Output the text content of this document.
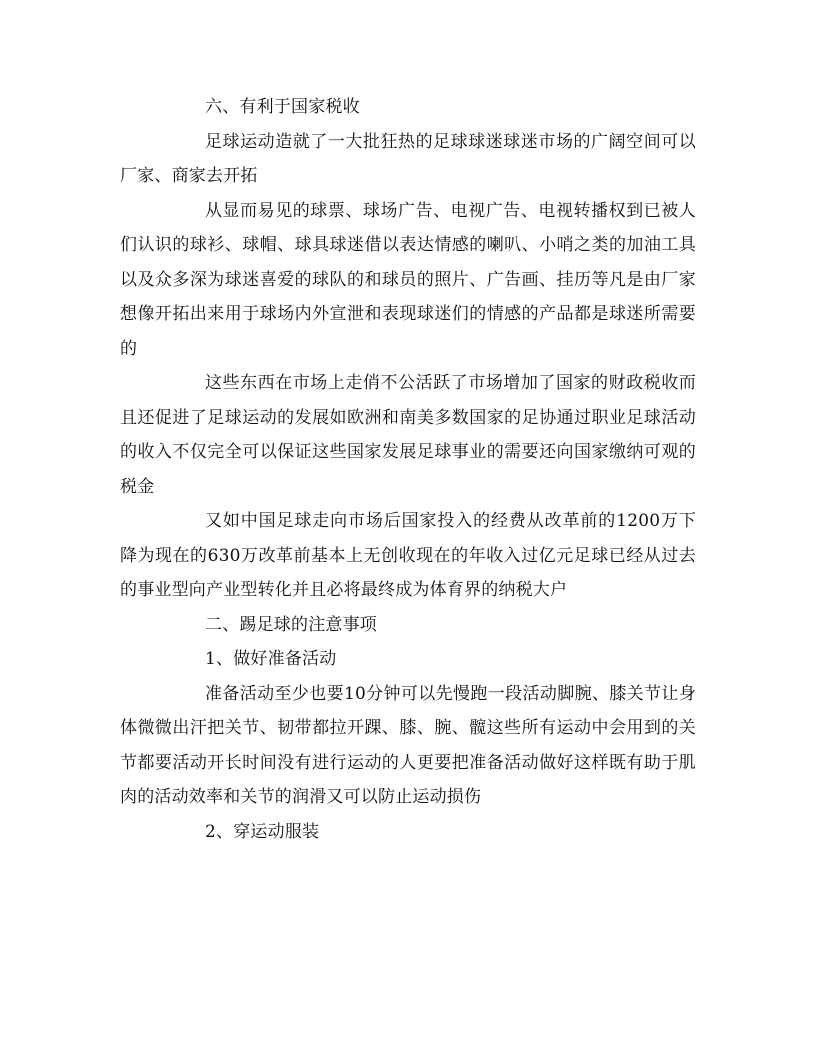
六、有利于国家税收

足球运动造就了一大批狂热的足球球迷球迷市场的广阔空间可以厂家、商家去开拓

从显而易见的球票、球场广告、电视广告、电视转播权到已被人们认识的球衫、球帽、球具球迷借以表达情感的喇叭、小哨之类的加油工具以及众多深为球迷喜爱的球队的和球员的照片、广告画、挂历等凡是由厂家想像开拓出来用于球场内外宣泄和表现球迷们的情感的产品都是球迷所需要的

这些东西在市场上走俏不公活跃了市场增加了国家的财政税收而且还促进了足球运动的发展如欧洲和南美多数国家的足协通过职业足球活动的收入不仅完全可以保证这些国家发展足球事业的需要还向国家缴纳可观的税金

又如中国足球走向市场后国家投入的经费从改革前的1200万下降为现在的630万改革前基本上无创收现在的年收入过亿元足球已经从过去的事业型向产业型转化并且必将最终成为体育界的纳税大户

二、踢足球的注意事项

1、做好准备活动

准备活动至少也要10分钟可以先慢跑一段活动脚腕、膝关节让身体微微出汗把关节、韧带都拉开踝、膝、腕、髋这些所有运动中会用到的关节都要活动开长时间没有进行运动的人更要把准备活动做好这样既有助于肌肉的活动效率和关节的润滑又可以防止运动损伤

2、穿运动服装
